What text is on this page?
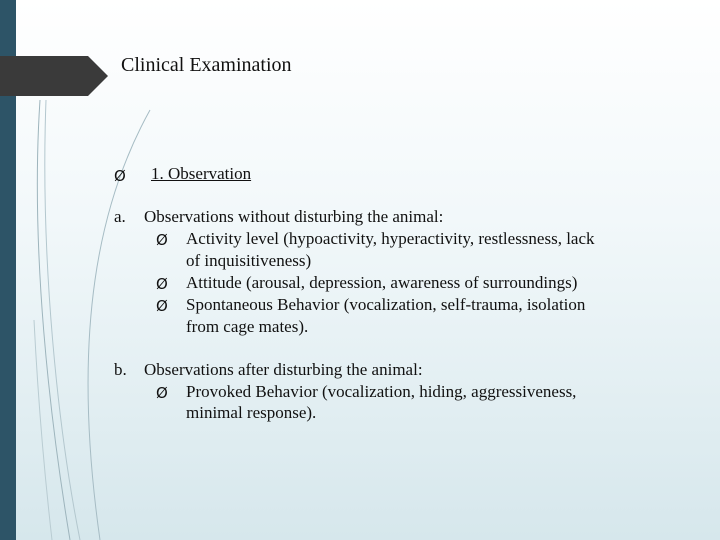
Clinical Examination
Ø 1. Observation
a. Observations without disturbing the animal:
Ø Activity level (hypoactivity, hyperactivity, restlessness, lack
of inquisitiveness)
Ø Attitude (arousal, depression, awareness of surroundings)
Ø Spontaneous Behavior (vocalization, self-trauma, isolation
from cage mates).
b. Observations after disturbing the animal:
Ø Provoked Behavior (vocalization, hiding, aggressiveness,
minimal response).
